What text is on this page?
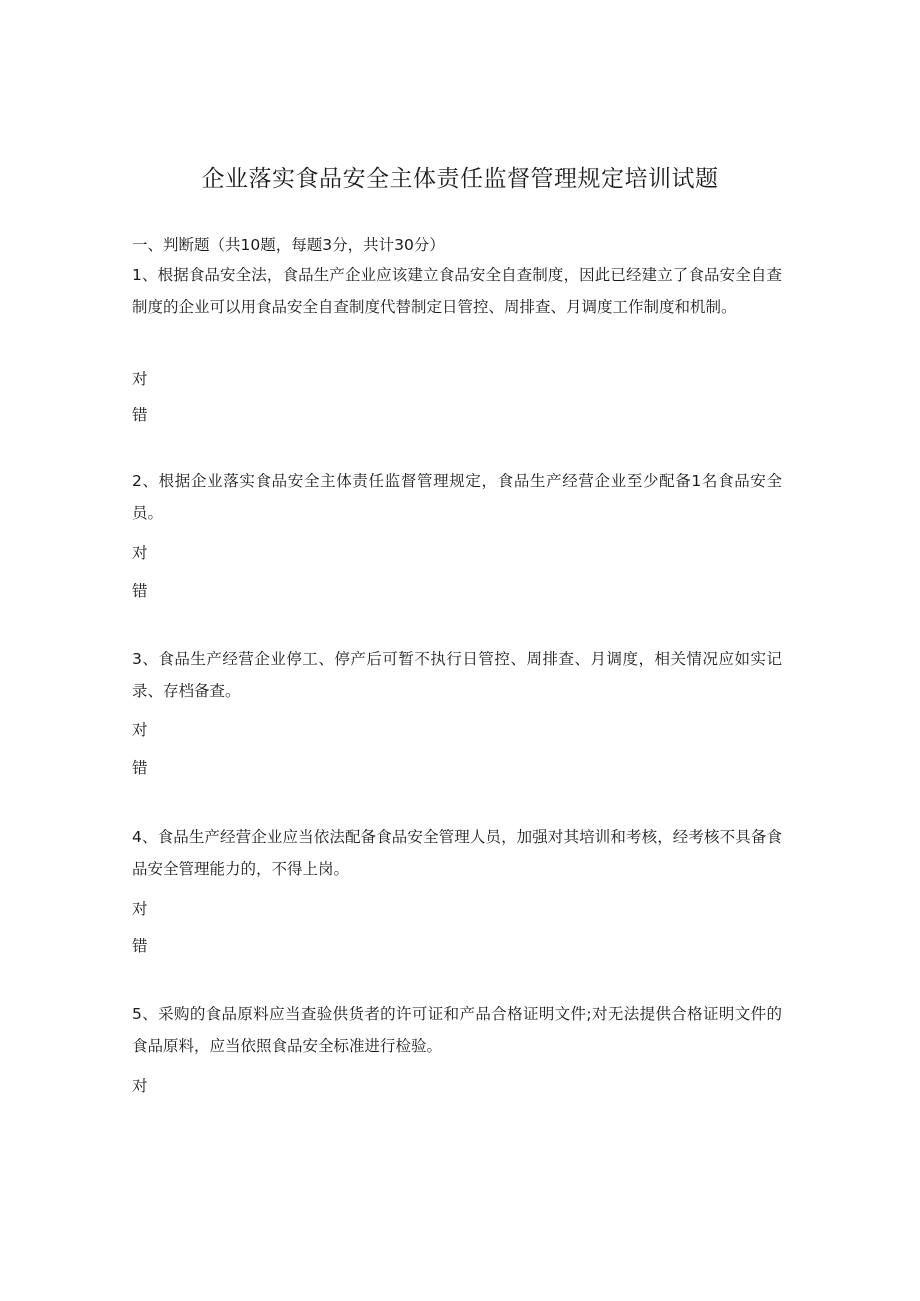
企业落实食品安全主体责任监督管理规定培训试题
一、判断题（共10题，每题3分，共计30分）

1、根据食品安全法，食品生产企业应该建立食品安全自查制度，因此已经建立了食品安全自查制度的企业可以用食品安全自查制度代替制定日管控、周排查、月调度工作制度和机制。

对

错

2、根据企业落实食品安全主体责任监督管理规定，食品生产经营企业至少配备1名食品安全员。

对

错

3、食品生产经营企业停工、停产后可暂不执行日管控、周排查、月调度，相关情况应如实记录、存档备查。

对

错

4、食品生产经营企业应当依法配备食品安全管理人员，加强对其培训和考核，经考核不具备食品安全管理能力的，不得上岗。

对

错

5、采购的食品原料应当查验供货者的许可证和产品合格证明文件;对无法提供合格证明文件的食品原料，应当依照食品安全标准进行检验。

对
